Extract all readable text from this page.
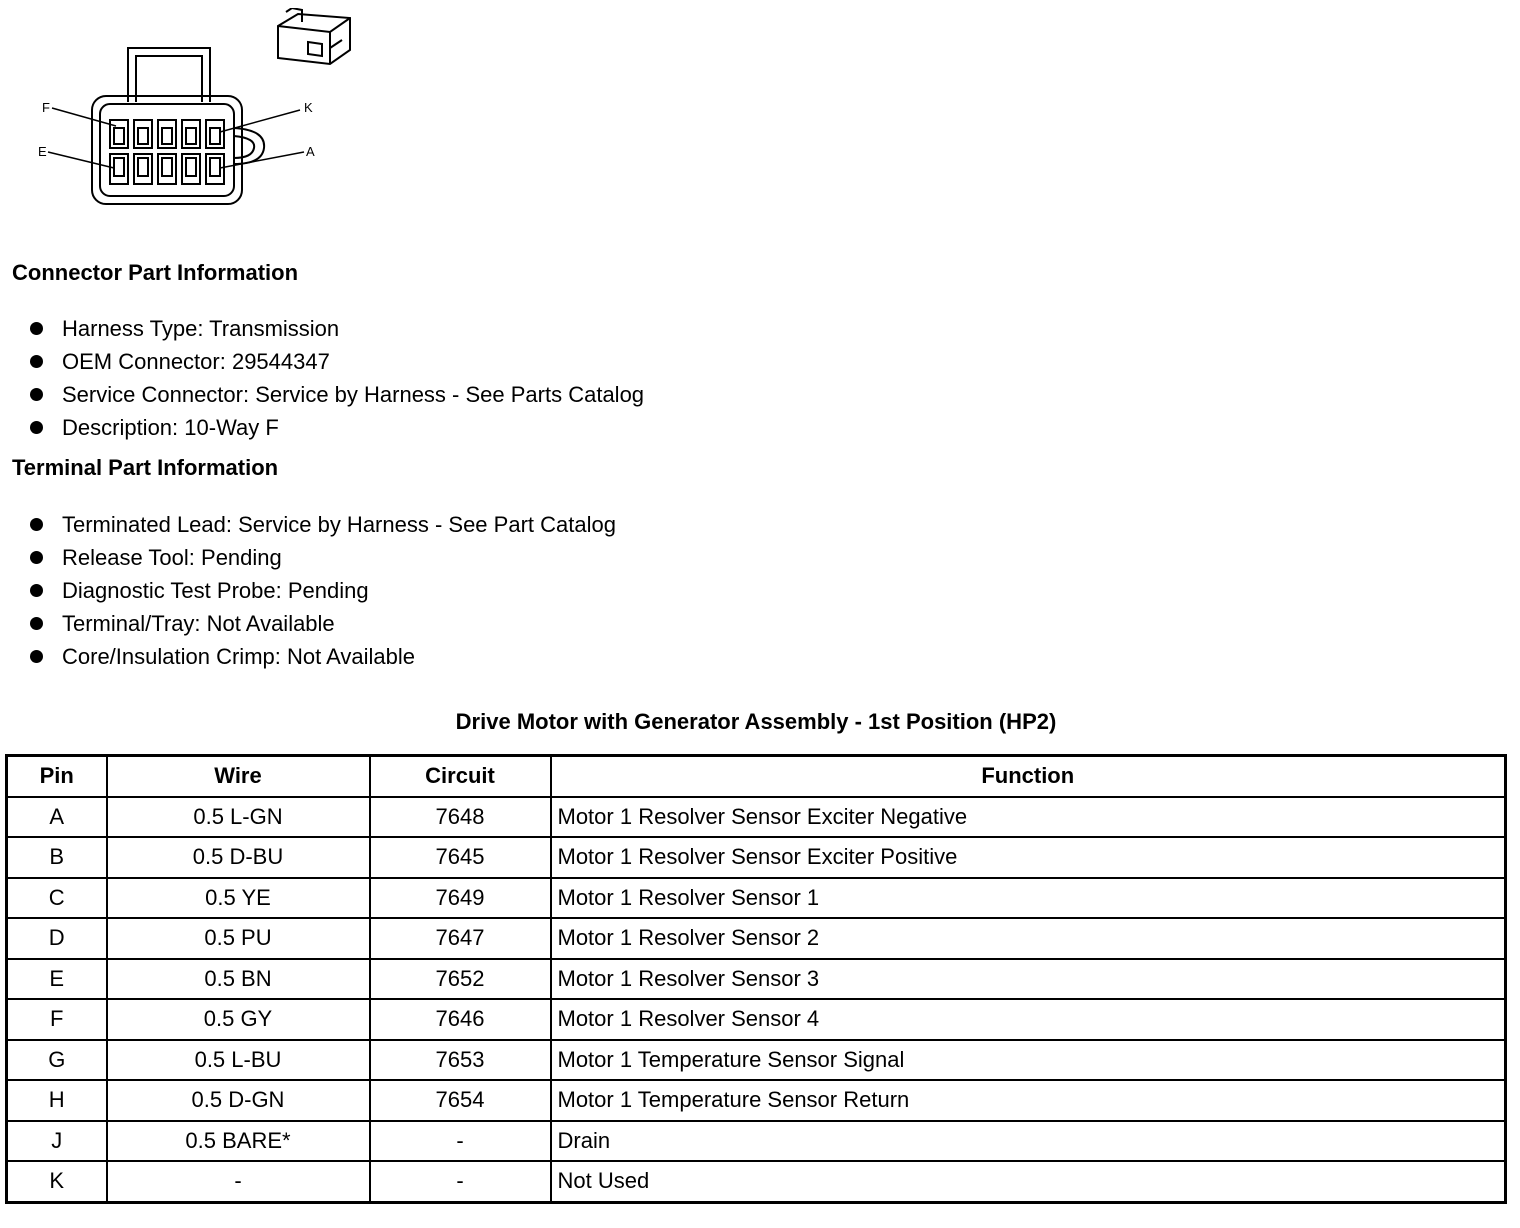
F
E
K
A
Connector Part Information
Harness Type: Transmission
OEM Connector: 29544347
Service Connector: Service by Harness - See Parts Catalog
Description: 10-Way F
Terminal Part Information
Terminated Lead: Service by Harness - See Part Catalog
Release Tool: Pending
Diagnostic Test Probe: Pending
Terminal/Tray: Not Available
Core/Insulation Crimp: Not Available
Drive Motor with Generator Assembly - 1st Position (HP2)
Pin	Wire	Circuit	Function
A	0.5 L-GN	7648	Motor 1 Resolver Sensor Exciter Negative
B	0.5 D-BU	7645	Motor 1 Resolver Sensor Exciter Positive
C	0.5 YE	7649	Motor 1 Resolver Sensor 1
D	0.5 PU	7647	Motor 1 Resolver Sensor 2
E	0.5 BN	7652	Motor 1 Resolver Sensor 3
F	0.5 GY	7646	Motor 1 Resolver Sensor 4
G	0.5 L-BU	7653	Motor 1 Temperature Sensor Signal
H	0.5 D-GN	7654	Motor 1 Temperature Sensor Return
J	0.5 BARE*	-	Drain
K	-	-	Not Used
